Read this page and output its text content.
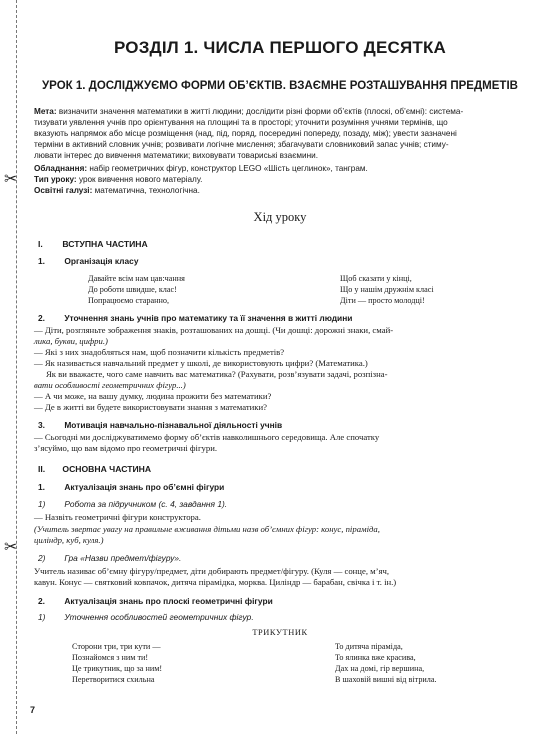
✂
✂
РОЗДІЛ 1. ЧИСЛА ПЕРШОГО ДЕСЯТКА
УРОК 1. ДОСЛІДЖУЄМО ФОРМИ ОБ’ЄКТІВ. ВЗАЄМНЕ РОЗТАШУВАННЯ ПРЕДМЕТІВ
Мета: визначити значення математики в житті людини; дослідити різні форми об’єктів (плоскі, об’ємні): система-
тизувати уявлення учнів про орієнтування на площині та в просторі; уточнити розуміння учнями термінів, що
вказують напрямок або місце розміщення (над, під, поряд, посередині попереду, позаду, між); увести зазначені
терміни в активний словник учнів; розвивати логічне мислення; збагачувати словниковий запас учнів; стиму-
лювати інтерес до вивчення математики; виховувати товариські взаємини.
Обладнання: набір геометричних фігур, конструктор LEGO «Шість цеглинок», танграм.
Тип уроку: урок вивчення нового матеріалу.
Освітні галузі: математична, технологічна.
Хід уроку
I. ВСТУПНА ЧАСТИНА
1. Організація класу
Давайте всім нам цав:чання
До роботи швидше, клас!
Попрацюємо старанно,
Щоб сказати у кінці,
Що у нашім дружнім класі
Діти — просто молодці!
2. Уточнення знань учнів про математику та її значення в житті людини
— Діти, розгляньте зображення знаків, розташованих на дошці. (Чи дошці: дорожні знаки, смай-
лика, букви, цифри.)
— Які з них знадобляться нам, щоб позначити кількість предметів?
— Як називається навчальний предмет у школі, де використовують цифри? (Математика.)
Як ви вважаєте, чого саме навчить вас математика? (Рахувати, розв’язувати задачі, розпізна-
вати особливості геометричних фігур...)
— А чи може, на вашу думку, людина прожити без математики?
— Де в житті ви будете використовувати знання з математики?
3. Мотивація навчально-пізнавальної діяльності учнів
— Сьогодні ми досліджуватимемо форму об’єктів навколишнього середовища. Але спочатку
з’ясуймо, що вам відомо про геометричні фігури.
II. ОСНОВНА ЧАСТИНА
1. Актуалізація знань про об’ємні фігури
1) Робота за підручником (с. 4, завдання 1).
— Назвіть геометричні фігури конструктора.
(Учитель звертає увагу на правильне вживання дітьми назв об’ємних фігур: конус, піраміда,
циліндр, куб, куля.)
2) Гра «Назви предмет/фігуру».
Учитель називає об’ємну фігуру/предмет, діти добирають предмет/фігуру. (Куля — сонце, м’яч,
кавун. Конус — святковий ковпачок, дитяча пірамідка, морква. Циліндр — барабан, свічка і т. ін.)
2. Актуалізація знань про плоскі геометричні фігури
1) Уточнення особливостей геометричних фігур.
ТРИКУТНИК
Сторони три, три кути —
Познайомся з ним ти!
Це трикутник, що за ним!
Перетворитися схильна
То дитяча піраміда,
То ялинка вже красива,
Дах на домі, гір вершина,
В шаховій вишні від вітрила.
7
